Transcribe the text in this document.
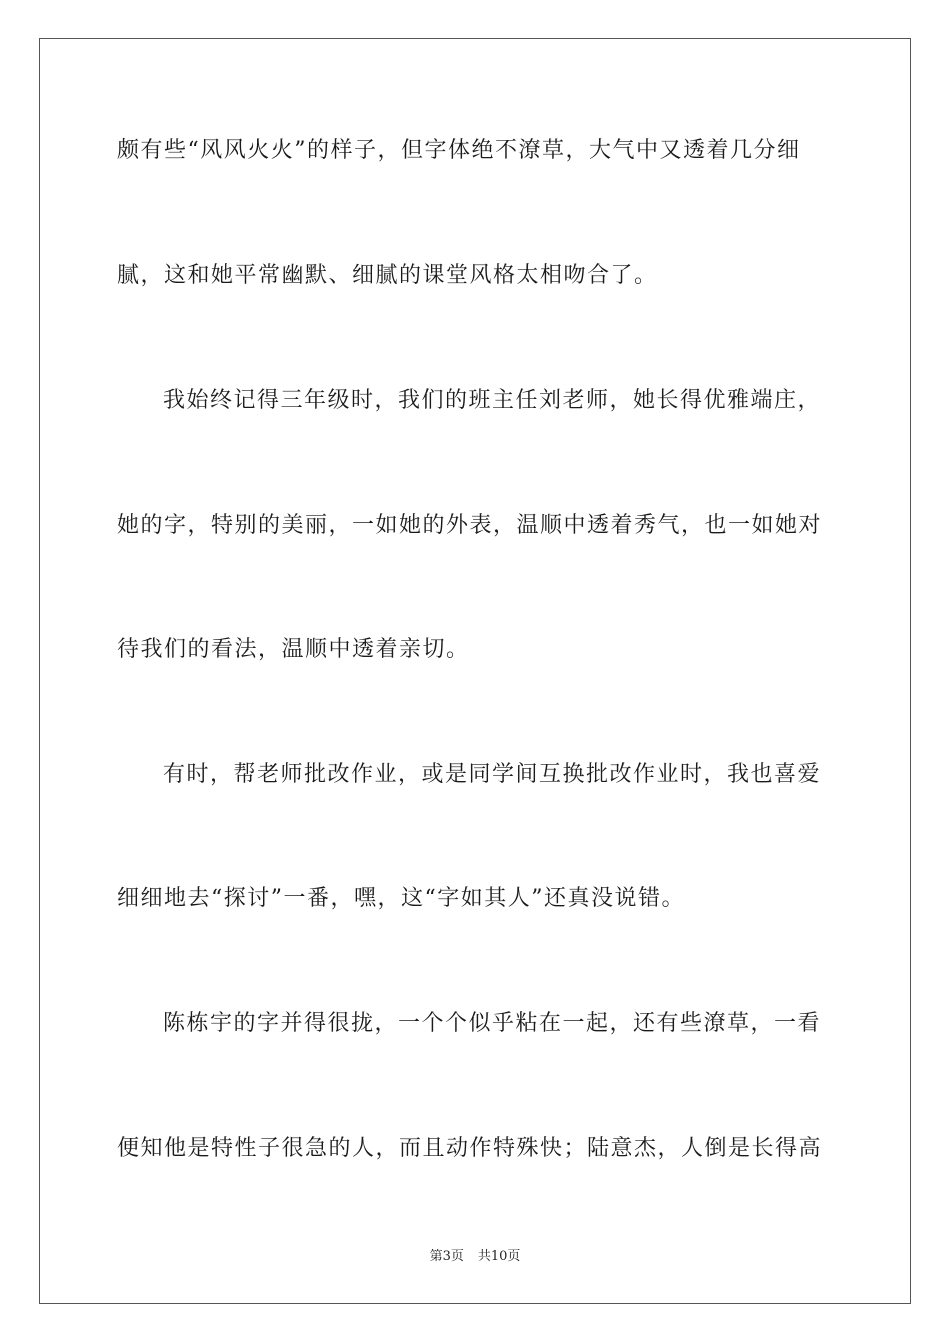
颇有些“风风火火”的样子，但字体绝不潦草，大气中又透着几分细
腻，这和她平常幽默、细腻的课堂风格太相吻合了。
我始终记得三年级时，我们的班主任刘老师，她长得优雅端庄，
她的字，特别的美丽，一如她的外表，温顺中透着秀气，也一如她对
待我们的看法，温顺中透着亲切。
有时，帮老师批改作业，或是同学间互换批改作业时，我也喜爱
细细地去“探讨”一番，嘿，这“字如其人”还真没说错。
陈栋宇的字并得很拢，一个个似乎粘在一起，还有些潦草，一看
便知他是特性子很急的人，而且动作特殊快；陆意杰，人倒是长得高
第3页 共10页
